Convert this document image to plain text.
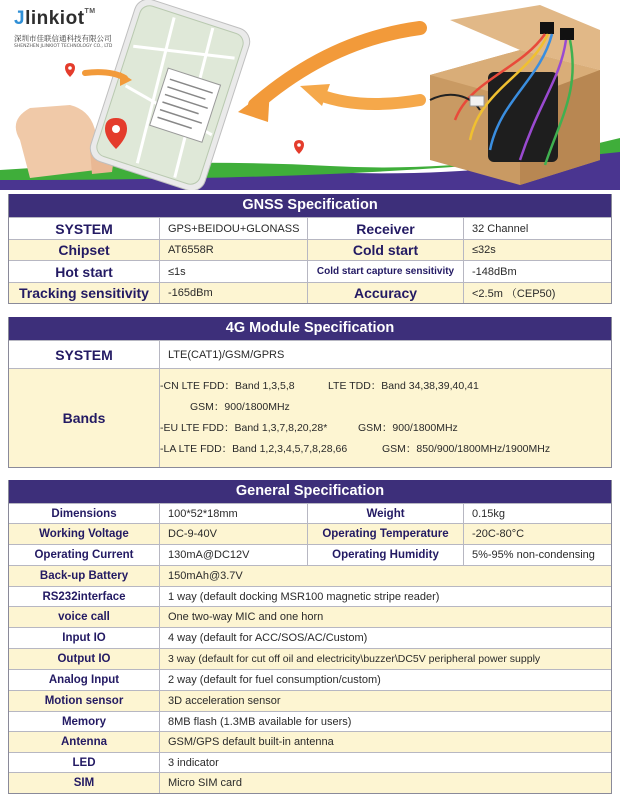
Jlinkiot™
深圳市佳联信通科技有限公司
SHENZHEN JLINKIOT TECHNOLOGY CO., LTD
GNSS Specification
SYSTEM	GPS+BEIDOU+GLONASS	Receiver	32 Channel
Chipset	AT6558R	Cold start	≤32s
Hot start	≤1s	Cold start capture sensitivity	-148dBm
Tracking sensitivity	-165dBm	Accuracy	<2.5m （CEP50)
4G Module Specification
SYSTEM	LTE(CAT1)/GSM/GPRS
Bands
-CN LTE FDD：Band 1,3,5,8	LTE TDD：Band 34,38,39,40,41
GSM：900/1800MHz
-EU LTE FDD：Band 1,3,7,8,20,28*	GSM：900/1800MHz
-LA LTE FDD：Band 1,2,3,4,5,7,8,28,66	GSM：850/900/1800MHz/1900MHz
General Specification
Dimensions	100*52*18mm	Weight	0.15kg
Working Voltage	DC-9-40V	Operating Temperature	-20C-80°C
Operating Current	130mA@DC12V	Operating Humidity	5%-95% non-condensing
Back-up Battery	150mAh@3.7V
RS232interface	1 way (default docking MSR100 magnetic stripe reader)
voice call	One two-way MIC and one horn
Input IO	4 way (default for ACC/SOS/AC/Custom)
Output IO	3 way (default for cut off oil and electricity\buzzer\DC5V peripheral power supply
Analog Input	2 way (default for fuel consumption/custom)
Motion sensor	3D acceleration sensor
Memory	8MB flash (1.3MB available for users)
Antenna	GSM/GPS default built-in antenna
LED	3 indicator
SIM	Micro SIM card
